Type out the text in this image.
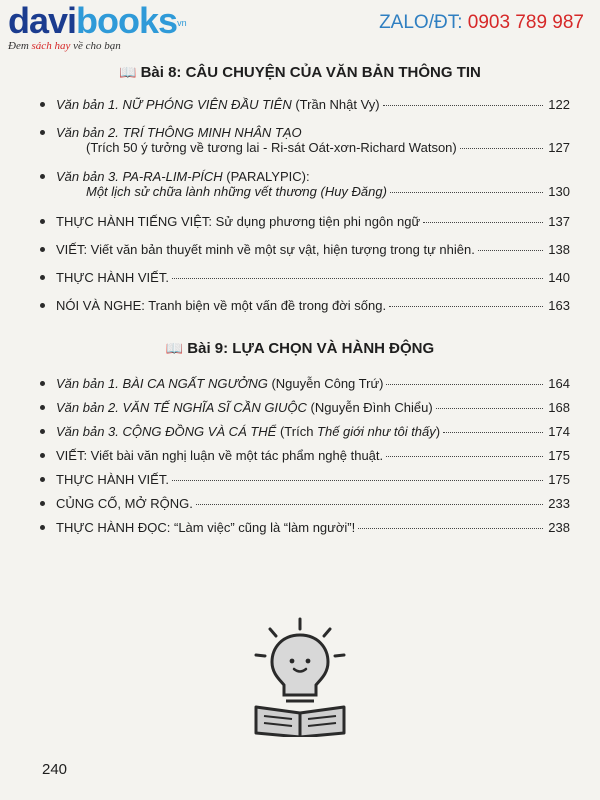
davibooks$^{vn}$
Đem sách hay về cho bạn
ZALO/ĐT: 0903 789 987
📖 Bài 8: CÂU CHUYỆN CỦA VĂN BẢN THÔNG TIN
Văn bản 1. NỮ PHÓNG VIÊN ĐẦU TIÊN (Trần Nhật Vy)	122
Văn bản 2. TRÍ THÔNG MINH NHÂN TẠO
(Trích 50 ý tưởng về tương lai - Ri-sát Oát-xơn-Richard Watson)	127
Văn bản 3. PA-RA-LIM-PÍCH (PARALYPIC):
Một lịch sử chữa lành những vết thương (Huy Đăng)	130
THỰC HÀNH TIẾNG VIỆT: Sử dụng phương tiện phi ngôn ngữ	137
VIẾT: Viết văn bản thuyết minh về một sự vật, hiện tượng trong tự nhiên.	138
THỰC HÀNH VIẾT.	140
NÓI VÀ NGHE: Tranh biện về một vấn đề trong đời sống.	163
📖 Bài 9: LỰA CHỌN VÀ HÀNH ĐỘNG
Văn bản 1. BÀI CA NGẤT NGƯỞNG (Nguyễn Công Trứ)	164
Văn bản 2. VĂN TẾ NGHĨA SĨ CẦN GIUỘC (Nguyễn Đình Chiểu)	168
Văn bản 3. CỘNG ĐỒNG VÀ CÁ THỂ (Trích Thế giới như tôi thấy)	174
VIẾT: Viết bài văn nghị luận về một tác phẩm nghệ thuật.	175
THỰC HÀNH VIẾT.	175
CỦNG CỐ, MỞ RỘNG.	233
THỰC HÀNH ĐỌC: “Làm việc” cũng là “làm người”!	238
240
